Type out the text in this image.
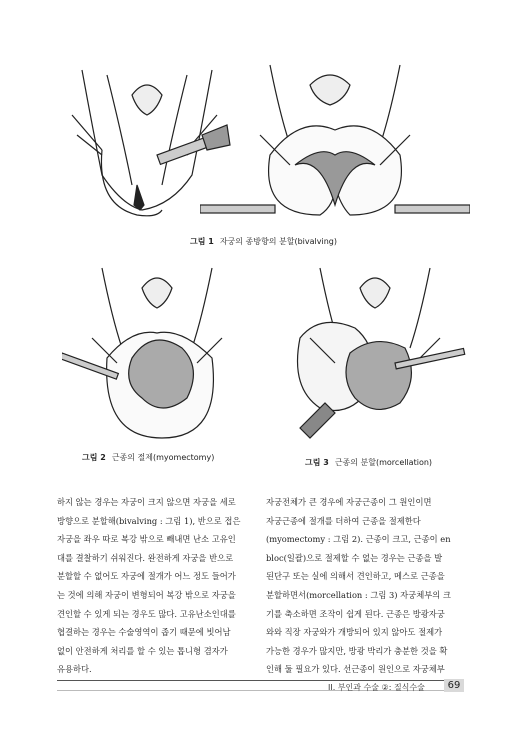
그림 1 자궁의 종방향의 분할(bivalving)
그림 2 근종의 절제(myomectomy)
그림 3 근종의 분할(morcellation)

하지 않는 경우는 자궁이 크지 않으면 자궁을 세로

방향으로 분할해(bivalving : 그림 1), 반으로 접은

자궁을 좌우 따로 복강 밖으로 빼내면 난소 고유인

대를 결찰하기 쉬워진다. 완전하게 자궁을 반으로

분할할 수 없어도 자궁에 절개가 어느 정도 들어가

는 것에 의해 자궁이 변형되어 복강 밖으로 자궁을

견인할 수 있게 되는 경우도 많다. 고유난소인대를

협결하는 경우는 수술영역이 좁기 때문에 빗어남

없이 안전하게 처리를 할 수 있는 톱니형 겸자가

유용하다.

자궁전체가 큰 경우에 자궁근종이 그 원인이면

자궁근종에 절개를 더하여 근종을 절제한다

(myomectomy : 그림 2). 근종이 크고, 근종이 en

bloc(일괄)으로 절제할 수 없는 경우는 근종을 발

된단구 또는 실에 의해서 견인하고, 메스로 근종을

분할하면서(morcellation : 그림 3) 자궁체부의 크

기를 축소하면 조작이 쉽게 된다. 근종은 방광자궁

와와 직장 자궁와가 개방되어 있지 않아도 절제가

가능한 경우가 많지만, 방광 박리가 충분한 것을 확

인해 둘 필요가 있다. 선근종이 원인으로 자궁체부

II. 부인과 수술 ②: 질식수술	69
